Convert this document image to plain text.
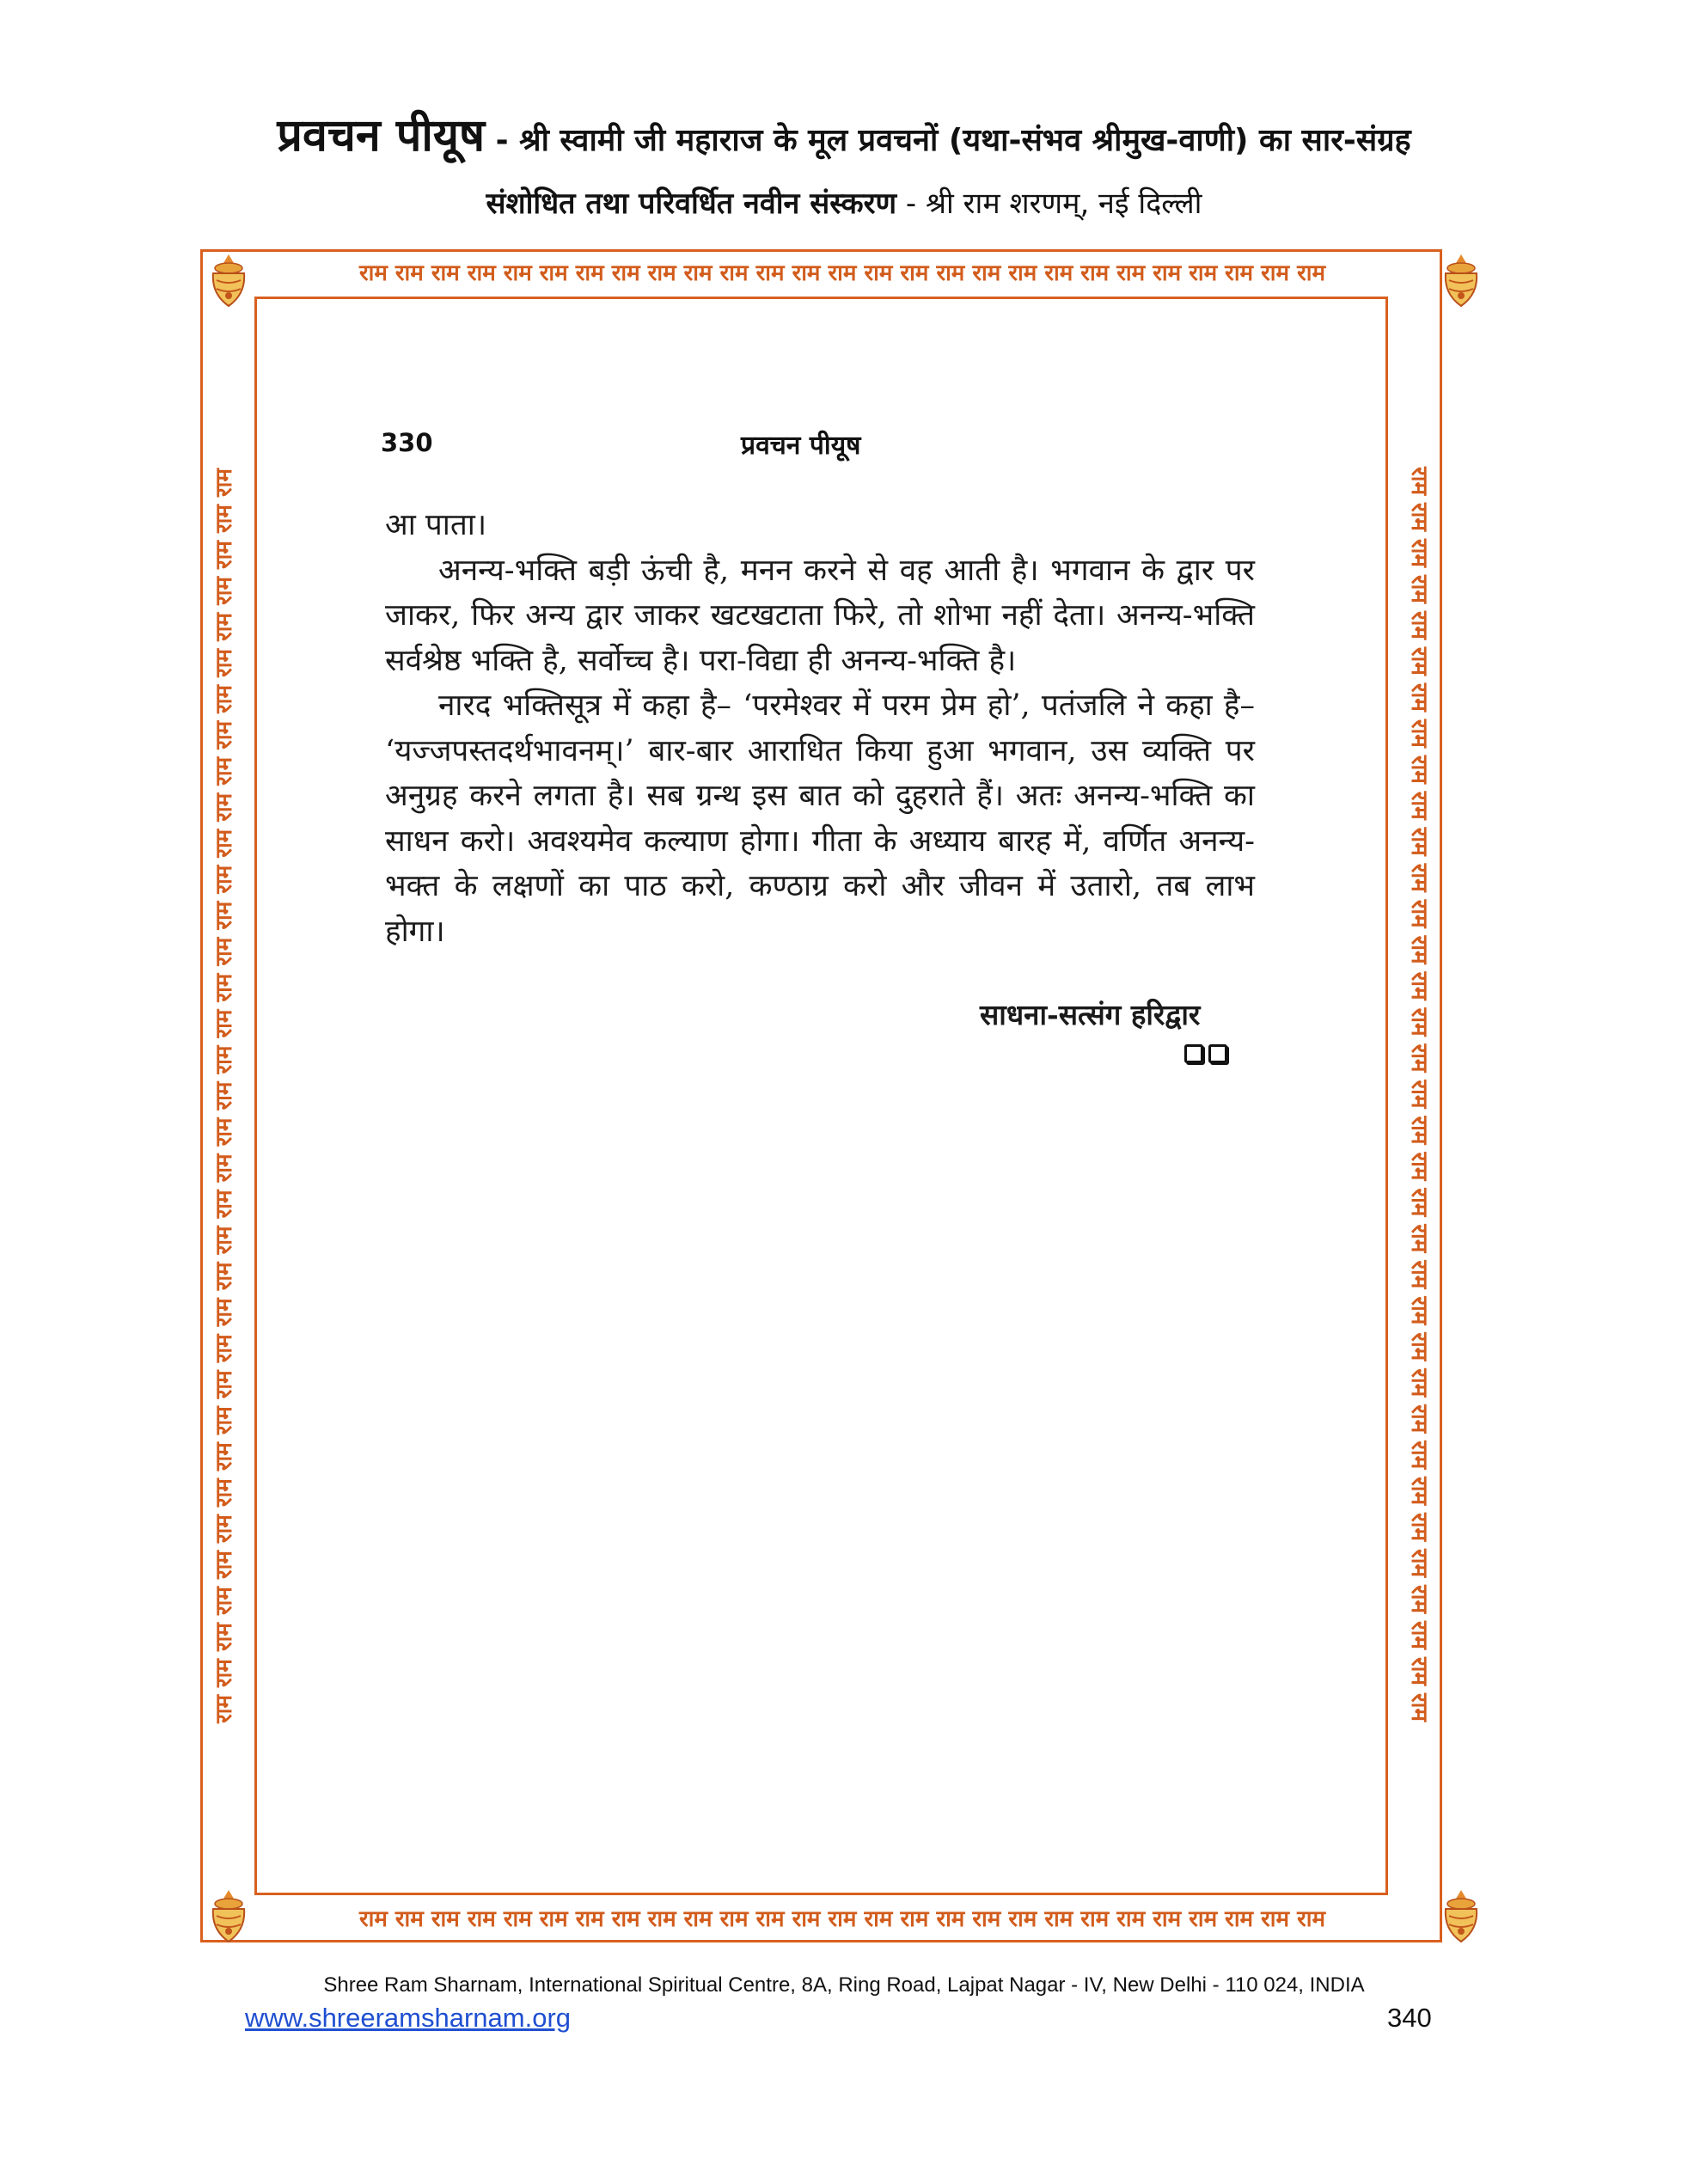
प्रवचन पीयूष - श्री स्वामी जी महाराज के मूल प्रवचनों (यथा-संभव श्रीमुख-वाणी) का सार-संग्रह
संशोधित तथा परिवर्धित नवीन संस्करण - श्री राम शरणम्, नई दिल्ली
राम राम राम राम राम राम राम राम राम राम राम राम राम राम राम राम राम राम राम राम राम राम राम राम राम राम राम
राम राम राम राम राम राम राम राम राम राम राम राम राम राम राम राम राम राम राम राम राम राम राम राम राम राम राम
राम राम राम राम राम राम राम राम राम राम राम राम राम राम राम राम राम राम राम राम राम राम राम राम राम राम राम राम राम राम राम राम राम राम राम	राम राम राम राम राम राम राम राम राम राम राम राम राम राम राम राम राम राम राम राम राम राम राम राम राम राम राम राम राम राम राम राम राम राम राम
330	प्रवचन पीयूष

आ पाता।

अनन्य-भक्ति बड़ी ऊंची है, मनन करने से वह आती है। भगवान के द्वार पर जाकर, फिर अन्य द्वार जाकर खटखटाता फिरे, तो शोभा नहीं देता। अनन्य-भक्ति सर्वश्रेष्ठ भक्ति है, सर्वोच्च है। परा-विद्या ही अनन्य-भक्ति है।

नारद भक्तिसूत्र में कहा है– ‘परमेश्वर में परम प्रेम हो’, पतंजलि ने कहा है– ‘यज्जपस्तदर्थभावनम्।’ बार-बार आराधित किया हुआ भगवान, उस व्यक्ति पर अनुग्रह करने लगता है। सब ग्रन्थ इस बात को दुहराते हैं। अतः अनन्य-भक्ति का साधन करो। अवश्यमेव कल्याण होगा। गीता के अध्याय बारह में, वर्णित अनन्य-भक्त के लक्षणों का पाठ करो, कण्ठाग्र करो और जीवन में उतारो, तब लाभ होगा।

साधना-सत्संग हरिद्वार
Shree Ram Sharnam, International Spiritual Centre, 8A, Ring Road, Lajpat Nagar - IV, New Delhi - 110 024, INDIA
www.shreeramsharnam.org	340
